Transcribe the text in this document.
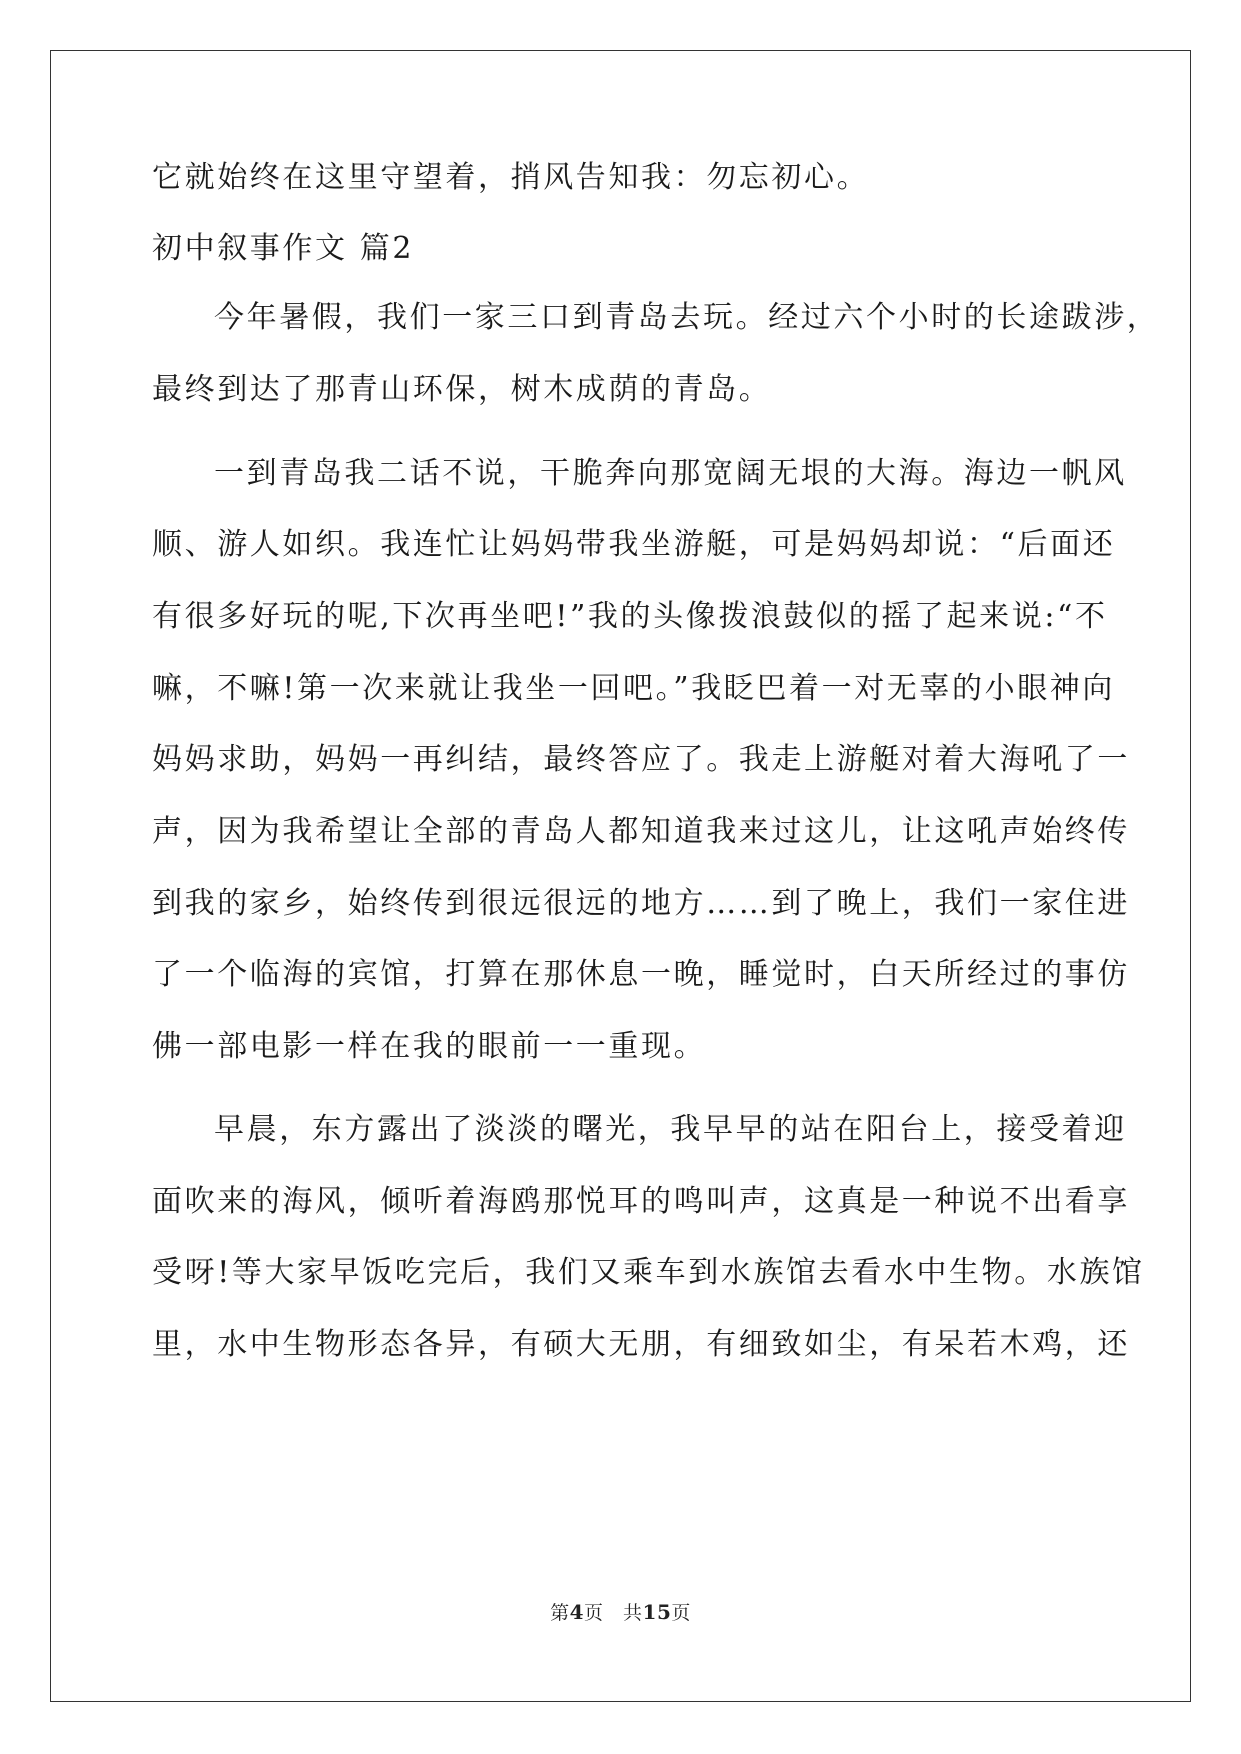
它就始终在这里守望着，捎风告知我：勿忘初心。
初中叙事作文 篇2
今年暑假，我们一家三口到青岛去玩。经过六个小时的长途跋涉，
最终到达了那青山环保，树木成荫的青岛。
一到青岛我二话不说，干脆奔向那宽阔无垠的大海。海边一帆风
顺、游人如织。我连忙让妈妈带我坐游艇，可是妈妈却说：“后面还
有很多好玩的呢,下次再坐吧!”我的头像拨浪鼓似的摇了起来说:“不
嘛，不嘛!第一次来就让我坐一回吧。”我眨巴着一对无辜的小眼神向
妈妈求助，妈妈一再纠结，最终答应了。我走上游艇对着大海吼了一
声，因为我希望让全部的青岛人都知道我来过这儿，让这吼声始终传
到我的家乡，始终传到很远很远的地方……到了晚上，我们一家住进
了一个临海的宾馆，打算在那休息一晚，睡觉时，白天所经过的事仿
佛一部电影一样在我的眼前一一重现。
早晨，东方露出了淡淡的曙光，我早早的站在阳台上，接受着迎
面吹来的海风，倾听着海鸥那悦耳的鸣叫声，这真是一种说不出看享
受呀!等大家早饭吃完后，我们又乘车到水族馆去看水中生物。水族馆
里，水中生物形态各异，有硕大无朋，有细致如尘，有呆若木鸡，还
第4页　共15页
